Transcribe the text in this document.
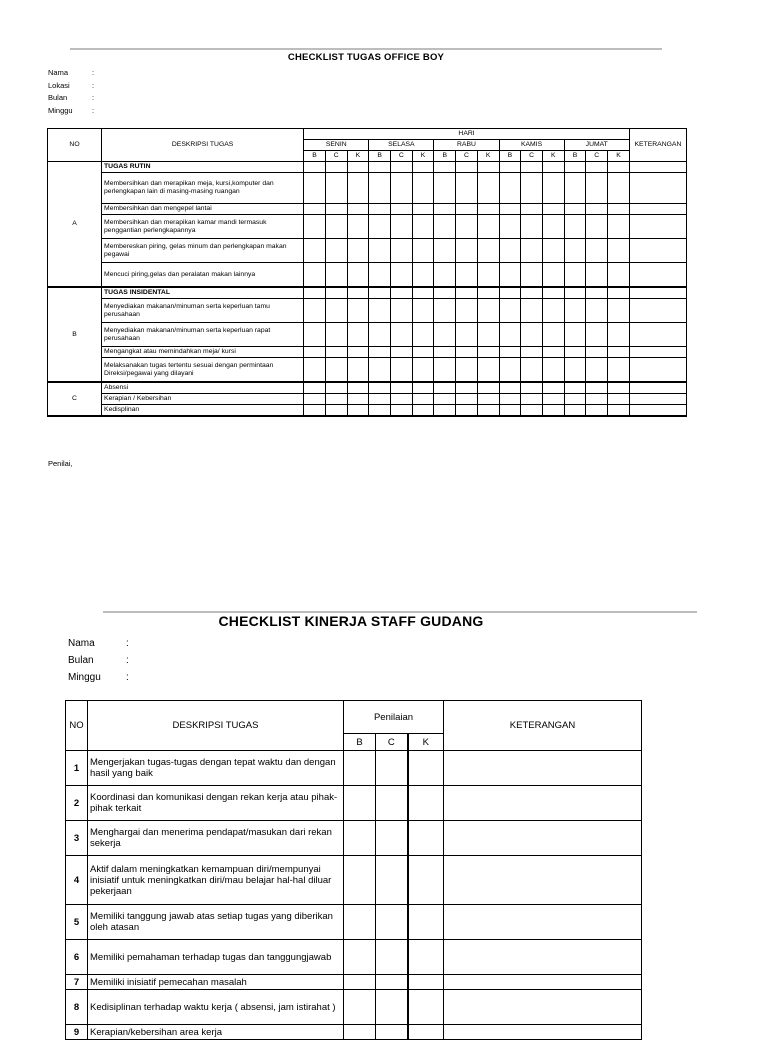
CHECKLIST TUGAS OFFICE BOY
Nama	:
Lokasi	:
Bulan	:
Minggu	:
NO	DESKRIPSI TUGAS	HARI															KETERANGAN
		SENIN			SELASA			RABU			KAMIS			JUMAT			
		B	C	K	B	C	K	B	C	K	B	C	K	B	C	K	
A	TUGAS RUTIN																
	Membersihkan dan merapikan meja, kursi,komputer dan perlengkapan lain di masing-masing ruangan																
	Membersihkan dan mengepel lantai																
	Membersihkan dan merapikan kamar mandi termasuk penggantian perlengkapannya																
	Membereskan piring, gelas minum dan perlengkapan makan pegawai																
	Mencuci piring,gelas dan peralatan makan lainnya																
B	TUGAS INSIDENTAL																
	Menyediakan makanan/minuman serta keperluan tamu perusahaan																
	Menyediakan makanan/minuman serta keperluan rapat perusahaan																
	Mengangkat atau memindahkan meja/ kursi																
	Melaksanakan tugas tertentu sesuai dengan permintaan Direksi/pegawai yang dilayani																
C	Absensi																
	Kerapian / Kebersihan																
	Kedisplinan																
Penilai,
CHECKLIST KINERJA STAFF GUDANG
Nama	:
Bulan	:
Minggu	:
NO	DESKRIPSI TUGAS	Penilaian			KETERANGAN
		B	C	K	
1	Mengerjakan tugas-tugas dengan tepat waktu dan dengan hasil yang baik				
2	Koordinasi dan komunikasi dengan rekan kerja atau pihak-pihak terkait				
3	Menghargai dan menerima pendapat/masukan dari rekan sekerja				
4	Aktif dalam meningkatkan kemampuan diri/mempunyai inisiatif untuk meningkatkan diri/mau belajar hal-hal diluar pekerjaan				
5	Memiliki tanggung jawab atas setiap tugas yang diberikan oleh atasan				
6	Memiliki pemahaman terhadap tugas dan tanggungjawab				
7	Memiliki inisiatif pemecahan masalah				
8	Kedisiplinan terhadap waktu kerja ( absensi, jam istirahat )				
9	Kerapian/kebersihan area kerja				
